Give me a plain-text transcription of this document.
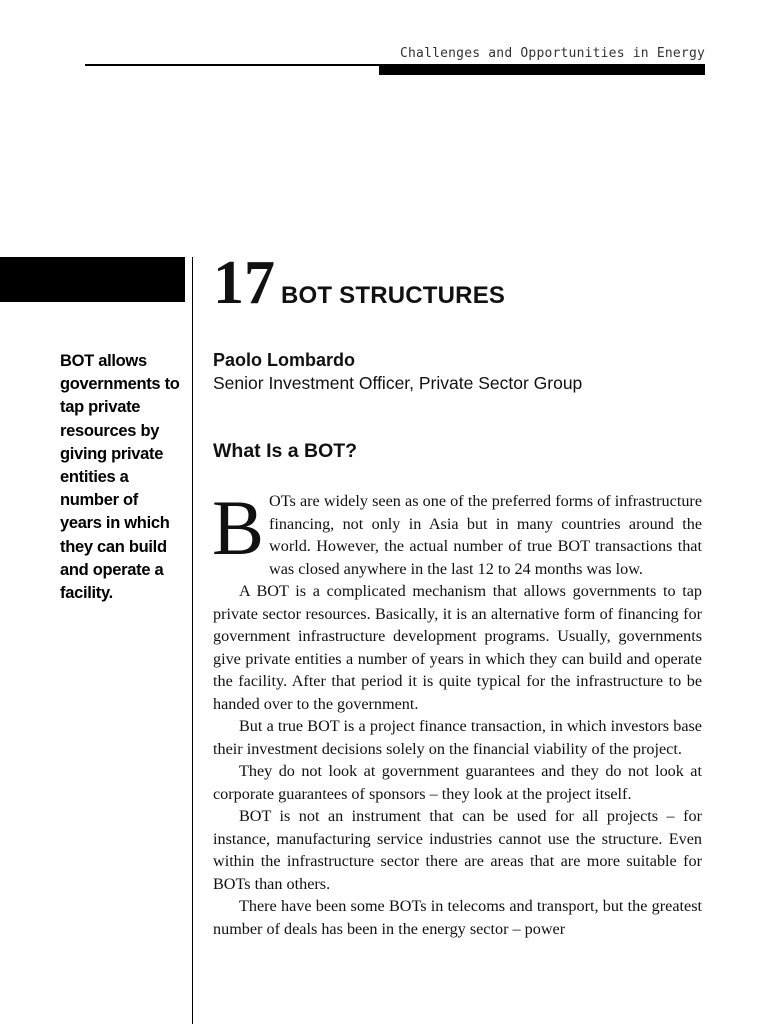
Challenges and Opportunities in Energy
BOT allows governments to tap private resources by giving private entities a number of years in which they can build and operate a facility.
17 BOT STRUCTURES
Paolo Lombardo
Senior Investment Officer, Private Sector Group
What Is a BOT?

B OTs are widely seen as one of the preferred forms of infrastructure financing, not only in Asia but in many countries around the world. However, the actual number of true BOT transactions that was closed anywhere in the last 12 to 24 months was low.

A BOT is a complicated mechanism that allows governments to tap private sector resources. Basically, it is an alternative form of financing for government infrastructure development programs. Usually, governments give private entities a number of years in which they can build and operate the facility. After that period it is quite typical for the infrastructure to be handed over to the government.

But a true BOT is a project finance transaction, in which investors base their investment decisions solely on the financial viability of the project.

They do not look at government guarantees and they do not look at corporate guarantees of sponsors – they look at the project itself.

BOT is not an instrument that can be used for all projects – for instance, manufacturing service industries cannot use the structure. Even within the infrastructure sector there are areas that are more suitable for BOTs than others.

There have been some BOTs in telecoms and transport, but the greatest number of deals has been in the energy sector – power
